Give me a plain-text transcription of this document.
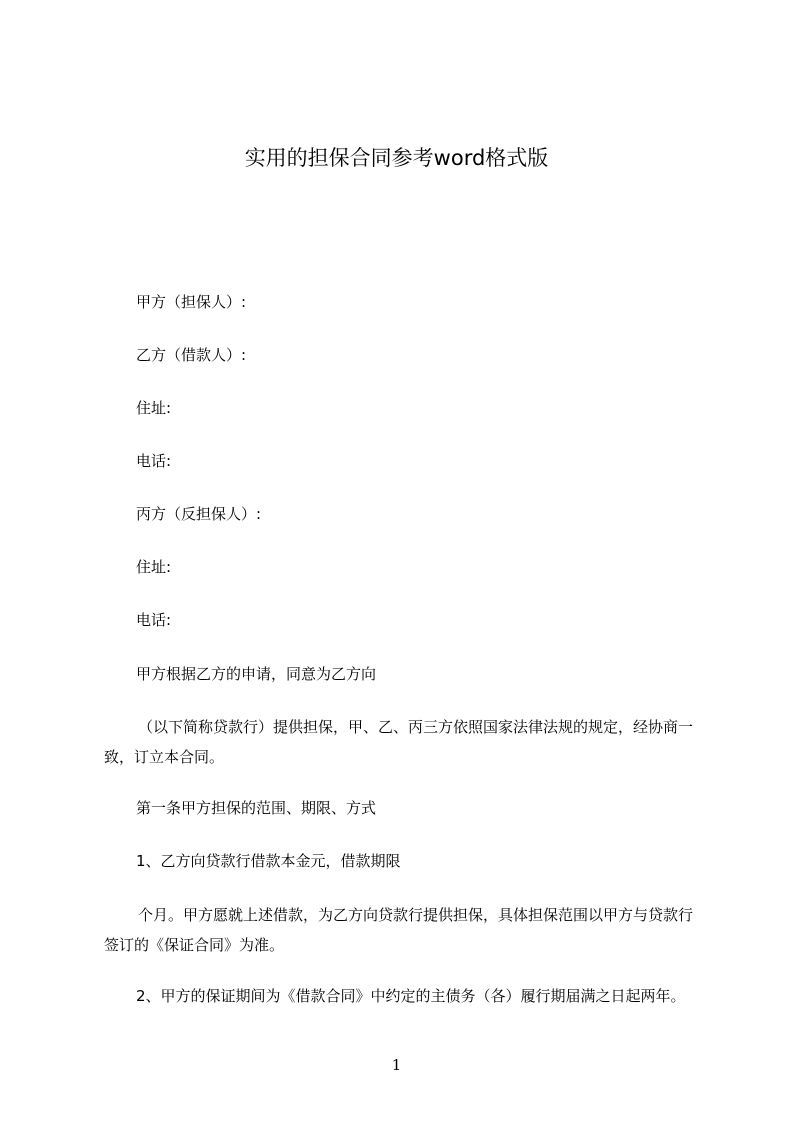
实用的担保合同参考word格式版
甲方（担保人）:
乙方（借款人）:
住址:
电话:
丙方（反担保人）:
住址:
电话:
甲方根据乙方的申请，同意为乙方向
（以下简称贷款行）提供担保，甲、乙、丙三方依照国家法律法规的规定，经协商一致，订立本合同。
第一条甲方担保的范围、期限、方式
1、乙方向贷款行借款本金元，借款期限
个月。甲方愿就上述借款，为乙方向贷款行提供担保，具体担保范围以甲方与贷款行签订的《保证合同》为准。
2、甲方的保证期间为《借款合同》中约定的主债务（各）履行期届满之日起两年。
1
